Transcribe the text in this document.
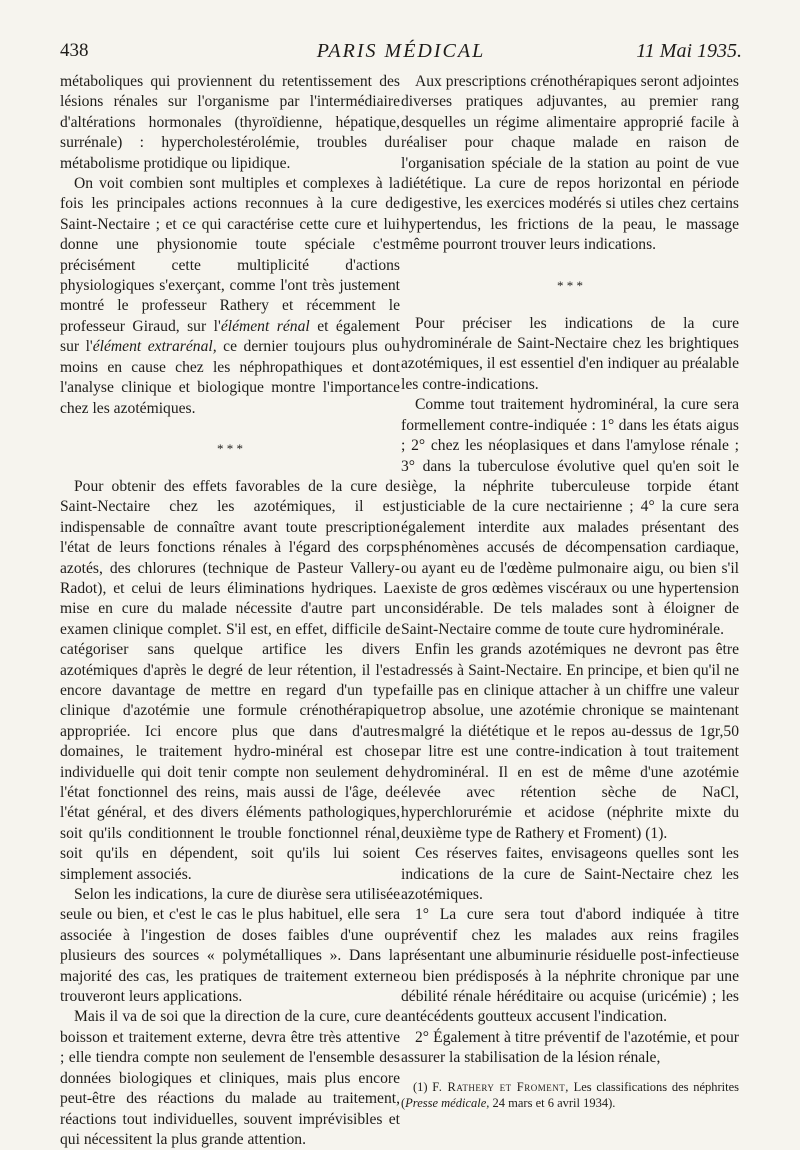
438	PARIS MÉDICAL	11 Mai 1935.

métaboliques qui proviennent du retentissement des lésions rénales sur l'organisme par l'intermédiaire d'altérations hormonales (thyroïdienne, hépatique, surrénale) : hypercholestérolémie, troubles du métabolisme protidique ou lipidique.

On voit combien sont multiples et complexes à la fois les principales actions reconnues à la cure de Saint-Nectaire ; et ce qui caractérise cette cure et lui donne une physionomie toute spéciale c'est précisément cette multiplicité d'actions physiologiques s'exerçant, comme l'ont très justement montré le professeur Rathery et récemment le professeur Giraud, sur l'élément rénal et également sur l'élément extrarénal, ce dernier toujours plus ou moins en cause chez les néphropathiques et dont l'analyse clinique et biologique montre l'importance chez les azotémiques.

* * *

Pour obtenir des effets favorables de la cure de Saint-Nectaire chez les azotémiques, il est indispensable de connaître avant toute prescription l'état de leurs fonctions rénales à l'égard des corps azotés, des chlorures (technique de Pasteur Vallery-Radot), et celui de leurs éliminations hydriques. La mise en cure du malade nécessite d'autre part un examen clinique complet. S'il est, en effet, difficile de catégoriser sans quelque artifice les divers azotémiques d'après le degré de leur rétention, il l'est encore davantage de mettre en regard d'un type clinique d'azotémie une formule crénothérapique appropriée. Ici encore plus que dans d'autres domaines, le traitement hydro-minéral est chose individuelle qui doit tenir compte non seulement de l'état fonctionnel des reins, mais aussi de l'âge, de l'état général, et des divers éléments pathologiques, soit qu'ils conditionnent le trouble fonctionnel rénal, soit qu'ils en dépendent, soit qu'ils lui soient simplement associés.

Selon les indications, la cure de diurèse sera utilisée seule ou bien, et c'est le cas le plus habituel, elle sera associée à l'ingestion de doses faibles d'une ou plusieurs des sources « polymétalliques ». Dans la majorité des cas, les pratiques de traitement externe trouveront leurs applications.

Mais il va de soi que la direction de la cure, cure de boisson et traitement externe, devra être très attentive ; elle tiendra compte non seulement de l'ensemble des données biologiques et cliniques, mais plus encore peut-être des réactions du malade au traitement, réactions tout individuelles, souvent imprévisibles et qui nécessitent la plus grande attention.

Aux prescriptions crénothérapiques seront adjointes diverses pratiques adjuvantes, au premier rang desquelles un régime alimentaire approprié facile à réaliser pour chaque malade en raison de l'organisation spéciale de la station au point de vue diététique. La cure de repos horizontal en période digestive, les exercices modérés si utiles chez certains hypertendus, les frictions de la peau, le massage même pourront trouver leurs indications.

* * *

Pour préciser les indications de la cure hydrominérale de Saint-Nectaire chez les brightiques azotémiques, il est essentiel d'en indiquer au préalable les contre-indications.

Comme tout traitement hydrominéral, la cure sera formellement contre-indiquée : 1° dans les états aigus ; 2° chez les néoplasiques et dans l'amylose rénale ; 3° dans la tuberculose évolutive quel qu'en soit le siège, la néphrite tuberculeuse torpide étant justiciable de la cure nectairienne ; 4° la cure sera également interdite aux malades présentant des phénomènes accusés de décompensation cardiaque, ou ayant eu de l'œdème pulmonaire aigu, ou bien s'il existe de gros œdèmes viscéraux ou une hypertension considérable. De tels malades sont à éloigner de Saint-Nectaire comme de toute cure hydrominérale.

Enfin les grands azotémiques ne devront pas être adressés à Saint-Nectaire. En principe, et bien qu'il ne faille pas en clinique attacher à un chiffre une valeur trop absolue, une azotémie chronique se maintenant malgré la diététique et le repos au-dessus de 1gr,50 par litre est une contre-indication à tout traitement hydrominéral. Il en est de même d'une azotémie élevée avec rétention sèche de NaCl, hyperchlorurémie et acidose (néphrite mixte du deuxième type de Rathery et Froment) (1).

Ces réserves faites, envisageons quelles sont les indications de la cure de Saint-Nectaire chez les azotémiques.

1° La cure sera tout d'abord indiquée à titre préventif chez les malades aux reins fragiles présentant une albuminurie résiduelle post-infectieuse ou bien prédisposés à la néphrite chronique par une débilité rénale héréditaire ou acquise (uricémie) ; les antécédents goutteux accusent l'indication.

2° Également à titre préventif de l'azotémie, et pour assurer la stabilisation de la lésion rénale,

(1) F. Rathery et Froment, Les classifications des néphrites (Presse médicale, 24 mars et 6 avril 1934).
